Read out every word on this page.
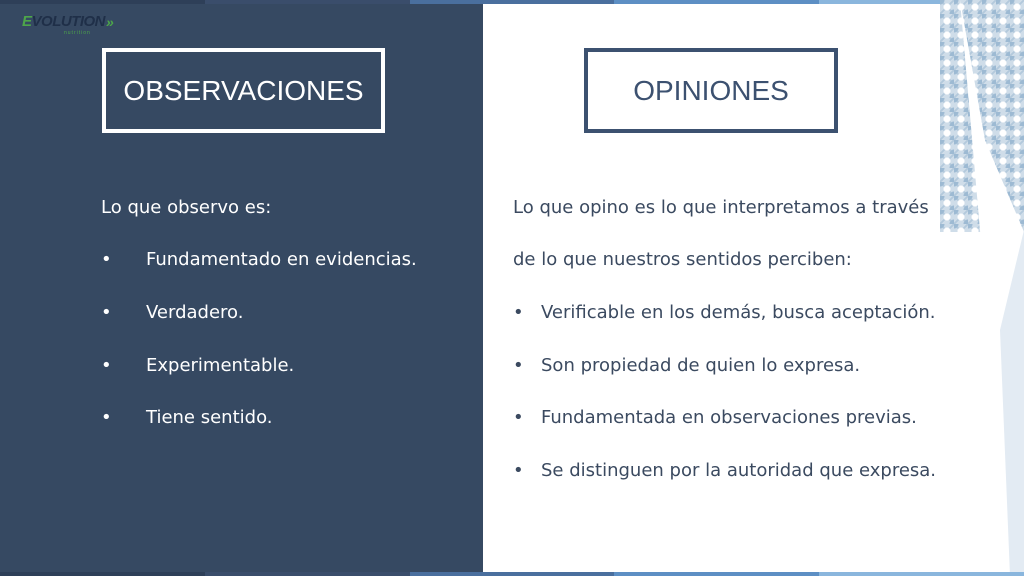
E VOLUTION »
nutrition
OBSERVACIONES	OPINIONES
Lo que observo es:
• Fundamentado en evidencias.
• Verdadero.
• Experimentable.
• Tiene sentido.
Lo que opino es lo que interpretamos a través
de lo que nuestros sentidos perciben:
• Verificable en los demás, busca aceptación.
• Son propiedad de quien lo expresa.
• Fundamentada en observaciones previas.
• Se distinguen por la autoridad que expresa.
